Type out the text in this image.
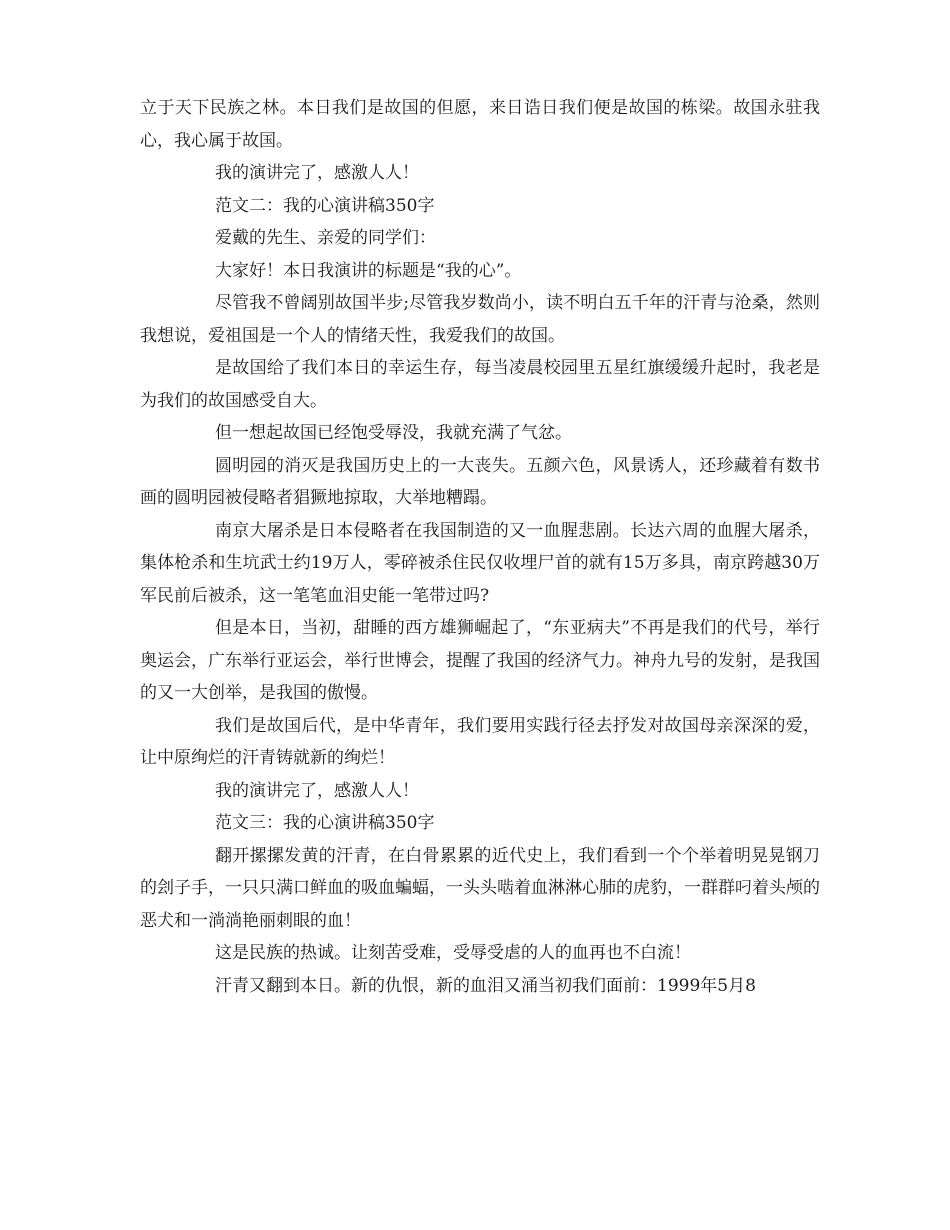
立于天下民族之林。本日我们是故国的但愿，来日诰日我们便是故国的栋梁。故国永驻我心，我心属于故国。

我的演讲完了，感激人人！

范文二：我的心演讲稿350字

爱戴的先生、亲爱的同学们：

大家好！本日我演讲的标题是“我的心”。

尽管我不曾阔别故国半步;尽管我岁数尚小，读不明白五千年的汗青与沧桑，然则我想说，爱祖国是一个人的情绪天性，我爱我们的故国。

是故国给了我们本日的幸运生存，每当凌晨校园里五星红旗缓缓升起时，我老是为我们的故国感受自大。

但一想起故国已经饱受辱没，我就充满了气忿。

圆明园的消灭是我国历史上的一大丧失。五颜六色，风景诱人，还珍藏着有数书画的圆明园被侵略者猖獗地掠取，大举地糟蹋。

南京大屠杀是日本侵略者在我国制造的又一血腥悲剧。长达六周的血腥大屠杀，集体枪杀和生坑武士约19万人，零碎被杀住民仅收埋尸首的就有15万多具，南京跨越30万军民前后被杀，这一笔笔血泪史能一笔带过吗?

但是本日，当初，甜睡的西方雄狮崛起了，“东亚病夫”不再是我们的代号，举行奥运会，广东举行亚运会，举行世博会，提醒了我国的经济气力。神舟九号的发射，是我国的又一大创举，是我国的傲慢。

我们是故国后代，是中华青年，我们要用实践行径去抒发对故国母亲深深的爱，让中原绚烂的汗青铸就新的绚烂！

我的演讲完了，感激人人！

范文三：我的心演讲稿350字

翻开摞摞发黄的汗青，在白骨累累的近代史上，我们看到一个个举着明晃晃钢刀的刽子手，一只只满口鲜血的吸血蝙蝠，一头头啮着血淋淋心肺的虎豹，一群群叼着头颅的恶犬和一淌淌艳丽刺眼的血！

这是民族的热诚。让刻苦受难，受辱受虐的人的血再也不白流！

汗青又翻到本日。新的仇恨，新的血泪又涌当初我们面前：1999年5月8
